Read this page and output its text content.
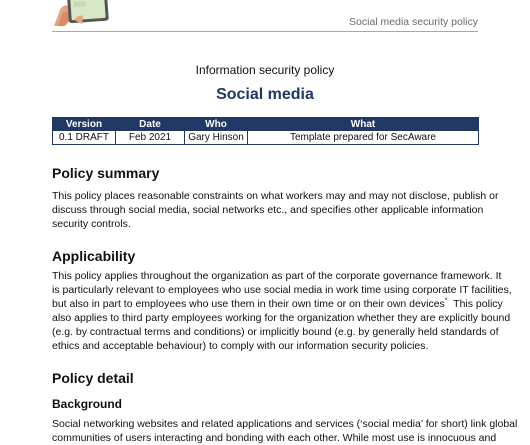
Social media security policy
Information security policy
Social media
Version	Date	Who	What
0.1 DRAFT	Feb 2021	Gary Hinson	Template prepared for SecAware
Policy summary
This policy places reasonable constraints on what workers may and may not disclose, publish or
discuss through social media, social networks etc., and specifies other applicable information
security controls.
Applicability
This policy applies throughout the organization as part of the corporate governance framework. It
is particularly relevant to employees who use social media in work time using corporate IT facilities,
but also in part to employees who use them in their own time or on their own devices*  This policy
also applies to third party employees working for the organization whether they are explicitly bound
(e.g. by contractual terms and conditions) or implicitly bound (e.g. by generally held standards of
ethics and acceptable behaviour) to comply with our information security policies.
Policy detail
Background
Social networking websites and related applications and services (‘social media’ for short) link global
communities of users interacting and bonding with each other. While most use is innocuous and
